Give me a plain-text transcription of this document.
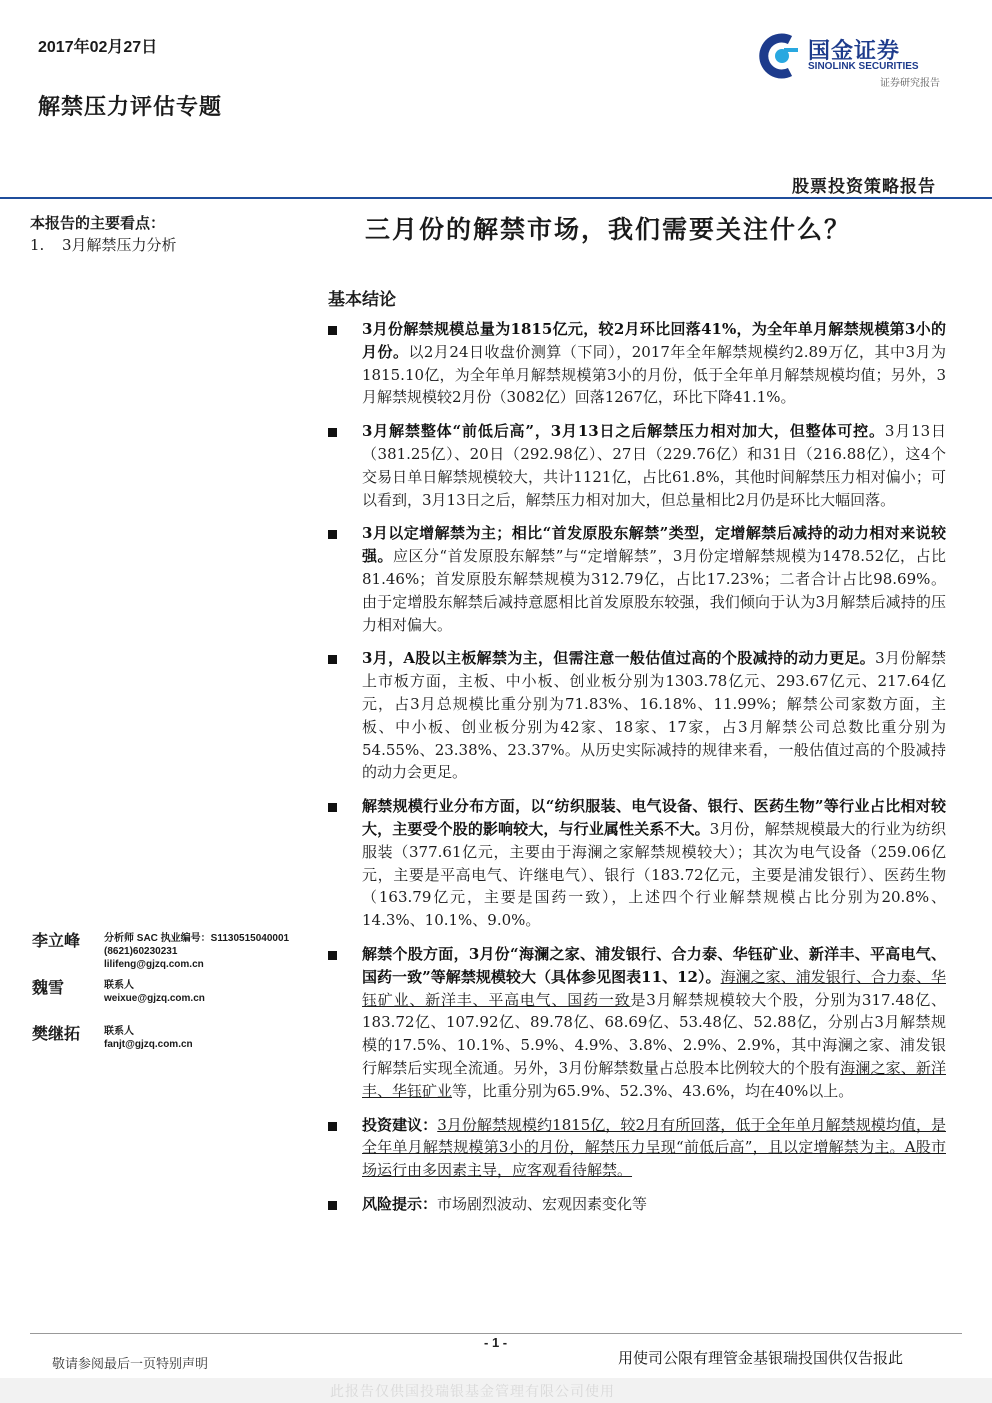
2017年02月27日
解禁压力评估专题
国金证券
SINOLINK SECURITIES
证券研究报告
股票投资策略报告
本报告的主要看点：
1. 3月解禁压力分析
三月份的解禁市场，我们需要关注什么？
基本结论
3月份解禁规模总量为1815亿元，较2月环比回落41%，为全年单月解禁规模第3小的月份。以2月24日收盘价测算（下同），2017年全年解禁规模约2.89万亿，其中3月为1815.10亿，为全年单月解禁规模第3小的月份，低于全年单月解禁规模均值；另外，3月解禁规模较2月份（3082亿）回落1267亿，环比下降41.1%。
3月解禁整体“前低后高”，3月13日之后解禁压力相对加大，但整体可控。3月13日（381.25亿）、20日（292.98亿）、27日（229.76亿）和31日（216.88亿），这4个交易日单日解禁规模较大，共计1121亿，占比61.8%，其他时间解禁压力相对偏小；可以看到，3月13日之后，解禁压力相对加大，但总量相比2月仍是环比大幅回落。
3月以定增解禁为主；相比“首发原股东解禁”类型，定增解禁后减持的动力相对来说较强。应区分“首发原股东解禁”与“定增解禁”，3月份定增解禁规模为1478.52亿，占比81.46%；首发原股东解禁规模为312.79亿，占比17.23%；二者合计占比98.69%。由于定增股东解禁后减持意愿相比首发原股东较强，我们倾向于认为3月解禁后减持的压力相对偏大。
3月，A股以主板解禁为主，但需注意一般估值过高的个股减持的动力更足。3月份解禁上市板方面，主板、中小板、创业板分别为1303.78亿元、293.67亿元、217.64亿元，占3月总规模比重分别为71.83%、16.18%、11.99%；解禁公司家数方面，主板、中小板、创业板分别为42家、18家、17家，占3月解禁公司总数比重分别为54.55%、23.38%、23.37%。从历史实际减持的规律来看，一般估值过高的个股减持的动力会更足。
解禁规模行业分布方面，以“纺织服装、电气设备、银行、医药生物”等行业占比相对较大，主要受个股的影响较大，与行业属性关系不大。3月份，解禁规模最大的行业为纺织服装（377.61亿元，主要由于海澜之家解禁规模较大）；其次为电气设备（259.06亿元，主要是平高电气、许继电气）、银行（183.72亿元，主要是浦发银行）、医药生物（163.79亿元，主要是国药一致），上述四个行业解禁规模占比分别为20.8%、14.3%、10.1%、9.0%。
解禁个股方面，3月份“海澜之家、浦发银行、合力泰、华钰矿业、新洋丰、平高电气、国药一致”等解禁规模较大（具体参见图表11、12）。海澜之家、浦发银行、合力泰、华钰矿业、新洋丰、平高电气、国药一致是3月解禁规模较大个股，分别为317.48亿、183.72亿、107.92亿、89.78亿、68.69亿、53.48亿、52.88亿，分别占3月解禁规模的17.5%、10.1%、5.9%、4.9%、3.8%、2.9%、2.9%，其中海澜之家、浦发银行解禁后实现全流通。另外，3月份解禁数量占总股本比例较大的个股有海澜之家、新洋丰、华钰矿业等，比重分别为65.9%、52.3%、43.6%，均在40%以上。
投资建议：3月份解禁规模约1815亿，较2月有所回落，低于全年单月解禁规模均值，是全年单月解禁规模第3小的月份，解禁压力呈现“前低后高”，且以定增解禁为主。A股市场运行由多因素主导，应客观看待解禁。
风险提示：市场剧烈波动、宏观因素变化等
李立峰 分析师 SAC 执业编号：S1130515040001
(8621)60230231
lilifeng@gjzq.com.cn
魏雪	联系人
weixue@gjzq.com.cn
樊继拓 联系人
fanjt@gjzq.com.cn
- 1 -
敬请参阅最后一页特别声明	用使司公限有理管金基银瑞投国供仅告报此
此报告仅供国投瑞银基金管理有限公司使用
